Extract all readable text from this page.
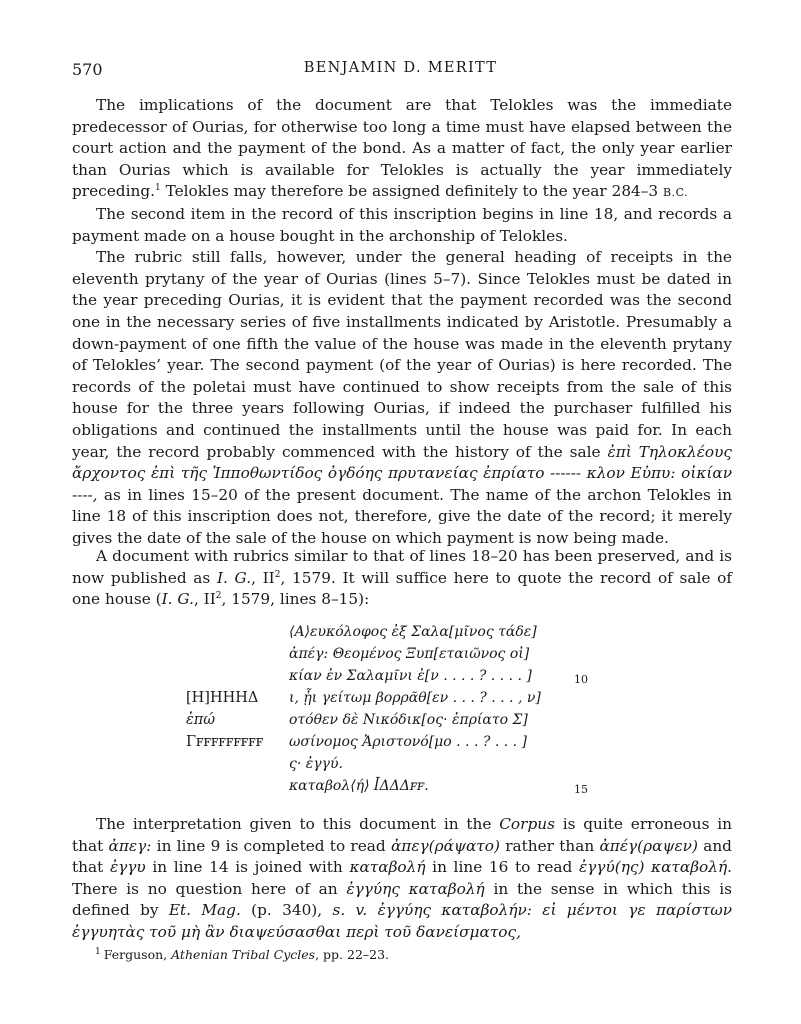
570	BENJAMIN D. MERITT

The implications of the document are that Telokles was the immediate predecessor of Ourias, for otherwise too long a time must have elapsed between the court action and the payment of the bond. As a matter of fact, the only year earlier than Ourias which is available for Telokles is actually the year immediately preceding.$^1$ Telokles may therefore be assigned definitely to the year 284–3 B.C.

The second item in the record of this inscription begins in line 18, and records a payment made on a house bought in the archonship of Telokles.

The rubric still falls, however, under the general heading of receipts in the eleventh prytany of the year of Ourias (lines 5–7). Since Telokles must be dated in the year preceding Ourias, it is evident that the payment recorded was the second one in the necessary series of five installments indicated by Aristotle. Presumably a down-payment of one fifth the value of the house was made in the eleventh prytany of Telokles’ year. The second payment (of the year of Ourias) is here recorded. The records of the poletai must have continued to show receipts from the sale of this house for the three years following Ourias, if indeed the purchaser fulfilled his obligations and continued the installments until the house was paid for. In each year, the record probably commenced with the history of the sale ἐπὶ Τηλοκλέους ἄρχοντος ἐπὶ τῆς Ἱπποθωντίδος ὀγδόης πρυτανείας ἐπρίατο ------ κλον Εὐπυ: οἰκίαν ----, as in lines 15–20 of the present document. The name of the archon Telokles in line 18 of this inscription does not, therefore, give the date of the record; it merely gives the date of the sale of the house on which payment is now being made.

A document with rubrics similar to that of lines 18–20 has been preserved, and is now published as I. G., $II^2$, 1579. It will suffice here to quote the record of sale of one house (I. G., $II^2$, 1579, lines 8–15):

⟨Α⟩ευκόλοφος ἐξ Σαλα[μῖνος τάδε]
ἀπέγ: Θεομένος Ξυπ[εταιῶνος οἰ]
κίαν ἐν Σαλαμῖνι ἐ[ν . . . . ? . . . . ]
ι, ᾗι γείτωμ βορρᾶθ[εν . . . ? . . . , ν]
οτόθεν δὲ Νικόδικ[ος· ἐπρίατο Σ]
ωσίνομος Ἀριστονό[μο . . . ? . . . ]
ς· ἐγγύ.
καταβολ⟨ή⟩ ꟾΔΔΔꜰꜰ.
[H]HHHΔ
ἐπώ
Γꜰꜰꜰꜰꜰꜰꜰꜰꜰ
10
15

The interpretation given to this document in the Corpus is quite erroneous in that ἀπεγ: in line 9 is completed to read ἀπεγ(ράψατο) rather than ἀπέγ(ραψεν) and that ἐγγυ in line 14 is joined with καταβολή in line 16 to read ἐγγύ(ης) καταβολή. There is no question here of an ἐγγύης καταβολή in the sense in which this is defined by Et. Mag. (p. 340), s. v. ἐγγύης καταβολήν: εἰ μέντοι γε παρίστων ἐγγυητὰς τοῦ μὴ ἂν διαψεύσασθαι περὶ τοῦ δανείσματος,

$^1$ Ferguson, Athenian Tribal Cycles, pp. 22–23.
